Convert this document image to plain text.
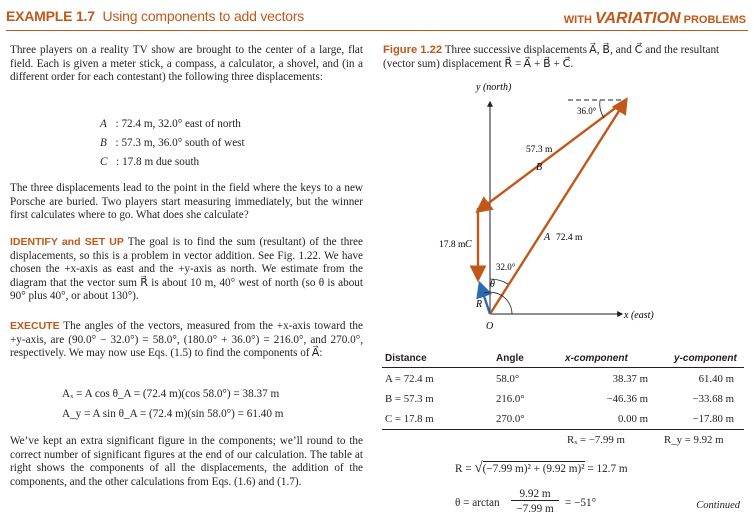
EXAMPLE 1.7 Using components to add vectors	WITH VARIATION PROBLEMS
Three players on a reality TV show are brought to the center of a large, flat field. Each is given a meter stick, a compass, a calculator, a shovel, and (in a different order for each contestant) the following three displacements:
A⃗: 72.4 m, 32.0° east of north
B⃗: 57.3 m, 36.0° south of west
C⃗: 17.8 m due south
The three displacements lead to the point in the field where the keys to a new Porsche are buried. Two players start measuring immediately, but the winner first calculates where to go. What does she calculate?
IDENTIFY and SET UP The goal is to find the sum (resultant) of the three displacements, so this is a problem in vector addition. See Fig. 1.22. We have chosen the +x-axis as east and the +y-axis as north. We estimate from the diagram that the vector sum R⃗ is about 10 m, 40° west of north (so θ is about 90° plus 40°, or about 130°).
EXECUTE The angles of the vectors, measured from the +x-axis toward the +y-axis, are (90.0° − 32.0°) = 58.0°, (180.0° + 36.0°) = 216.0°, and 270.0°, respectively. We may now use Eqs. (1.5) to find the components of A⃗:
Aₓ = A cos θ_A = (72.4 m)(cos 58.0°) = 38.37 m
A_y = A sin θ_A = (72.4 m)(sin 58.0°) = 61.40 m
We’ve kept an extra significant figure in the components; we’ll round to the correct number of significant figures at the end of our calculation. The table at right shows the components of all the displacements, the addition of the components, and the other calculations from Eqs. (1.6) and (1.7).
Figure 1.22 Three successive displacements A⃗, B⃗, and C⃗ and the resultant (vector sum) displacement R⃗ = A⃗ + B⃗ + C⃗.
y (north)
x (east)
O
36.0°
32.0°
A⃗
72.4 m
57.3 m
B⃗
17.8 m C⃗
R⃗
θ
Distance	Angle	x-component	y-component
A = 72.4 m	58.0°	38.37 m	61.40 m
B = 57.3 m	216.0°	−46.36 m	−33.68 m
C = 17.8 m	270.0°	0.00 m	−17.80 m
Rₓ = −7.99 m	R_y = 9.92 m
R = √(−7.99 m)² + (9.92 m)² = 12.7 m
θ = arctan
9.92 m
−7.99 m	= −51°	Continued
